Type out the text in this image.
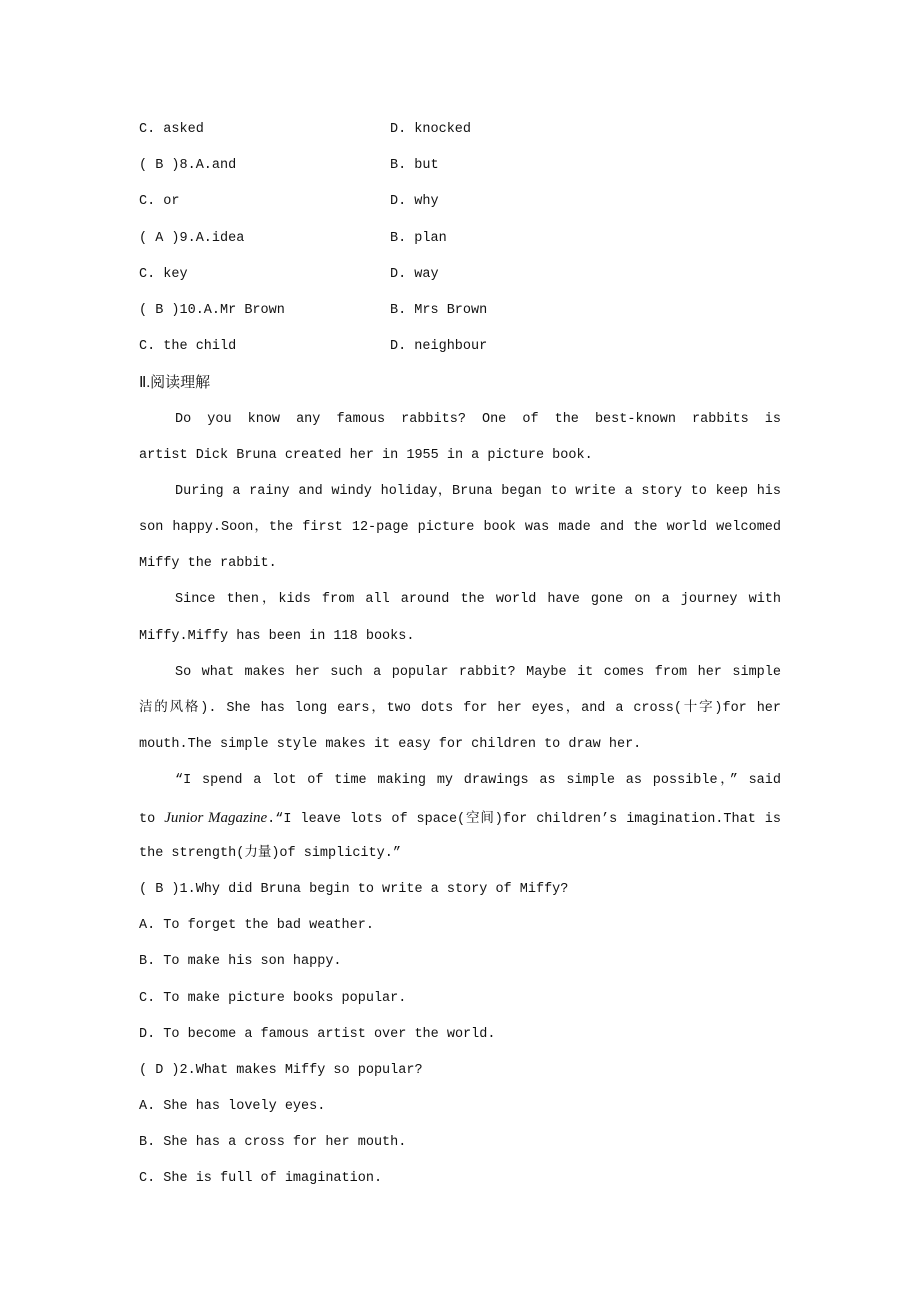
C. asked	D. knocked
( B )8.A.and	B. but
C. or	D. why
( A )9.A.idea	B. plan
C. key	D. way
( B )10.A.Mr Brown	B. Mrs Brown
C. the child	D. neighbour
Ⅱ.阅读理解
Do you know any famous rabbits? One of the best-known rabbits is
artist Dick Bruna created her in 1955 in a picture book.
During a rainy and windy holiday，Bruna began to write a story to keep his
son happy.Soon，the first 12-page picture book was made and the world welcomed
Miffy the rabbit.
Since then，kids from all around the world have gone on a journey with
Miffy.Miffy has been in 118 books.
So what makes her such a popular rabbit? Maybe it comes from her simple
洁的风格). She has long ears，two dots for her eyes，and a cross(十字)for her
mouth.The simple style makes it easy for children to draw her.
“I spend a lot of time making my drawings as simple as possible，” said
to Junior Magazine.“I leave lots of space(空间)for children’s imagination.That is
the strength(力量)of simplicity.”
( B )1.Why did Bruna begin to write a story of Miffy?
A. To forget the bad weather.
B. To make his son happy.
C. To make picture books popular.
D. To become a famous artist over the world.
( D )2.What makes Miffy so popular?
A. She has lovely eyes.
B. She has a cross for her mouth.
C. She is full of imagination.
